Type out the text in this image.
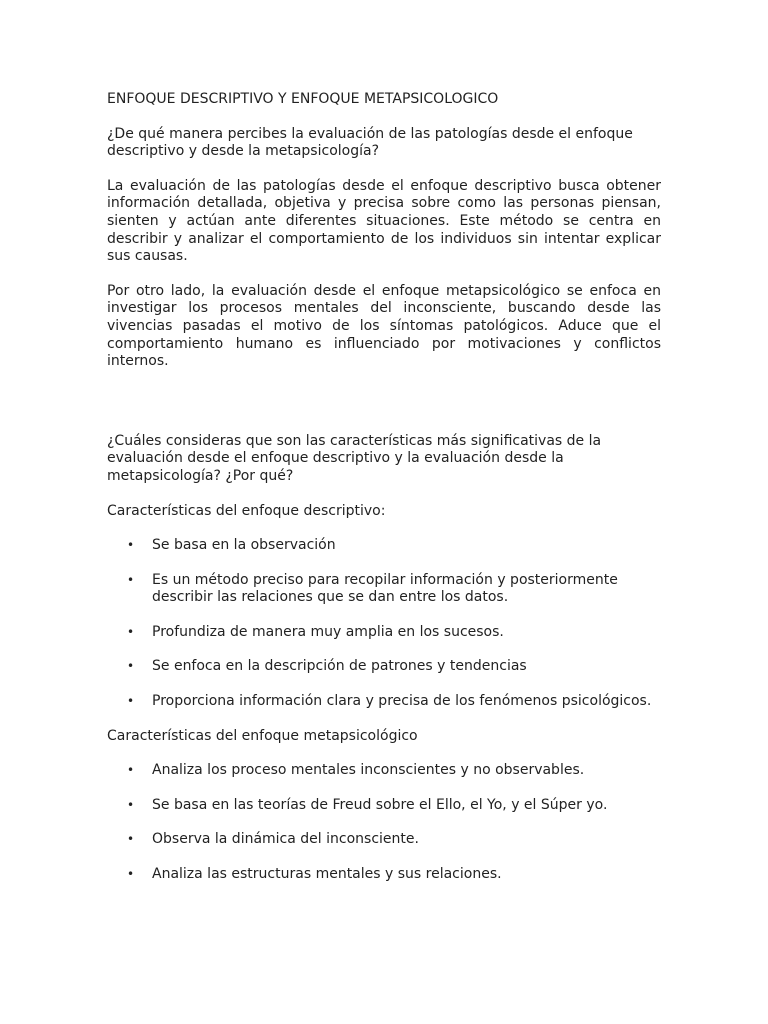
ENFOQUE DESCRIPTIVO Y ENFOQUE METAPSICOLOGICO

¿De qué manera percibes la evaluación de las patologías desde el enfoque descriptivo y desde la metapsicología?

La evaluación de las patologías desde el enfoque descriptivo busca obtener información detallada, objetiva y precisa sobre como las personas piensan, sienten y actúan ante diferentes situaciones. Este método se centra en describir y analizar el comportamiento de los individuos sin intentar explicar sus causas.

Por otro lado, la evaluación desde el enfoque metapsicológico se enfoca en investigar los procesos mentales del inconsciente, buscando desde las vivencias pasadas el motivo de los síntomas patológicos. Aduce que el comportamiento humano es influenciado por motivaciones y conflictos internos.

¿Cuáles consideras que son las características más significativas de la evaluación desde el enfoque descriptivo y la evaluación desde la metapsicología? ¿Por qué?

Características del enfoque descriptivo:

• Se basa en la observación
• Es un método preciso para recopilar información y posteriormente describir las relaciones que se dan entre los datos.
• Profundiza de manera muy amplia en los sucesos.
• Se enfoca en la descripción de patrones y tendencias
• Proporciona información clara y precisa de los fenómenos psicológicos.

Características del enfoque metapsicológico

• Analiza los proceso mentales inconscientes y no observables.
• Se basa en las teorías de Freud sobre el Ello, el Yo, y el Súper yo.
• Observa la dinámica del inconsciente.
• Analiza las estructuras mentales y sus relaciones.
